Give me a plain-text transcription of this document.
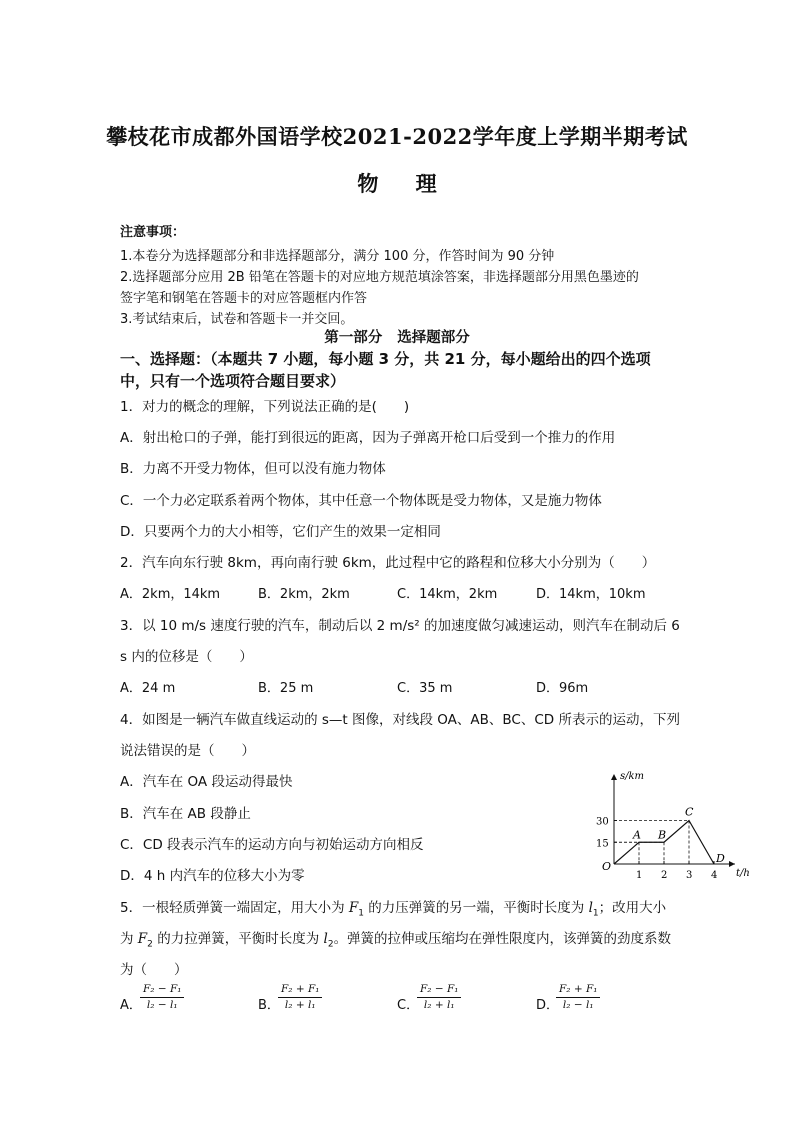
攀枝花市成都外国语学校2021-2022学年度上学期半期考试
物 理
注意事项：
1.本卷分为选择题部分和非选择题部分，满分 100 分，作答时间为 90 分钟
2.选择题部分应用 2B 铅笔在答题卡的对应地方规范填涂答案，非选择题部分用黑色墨迹的
签字笔和钢笔在答题卡的对应答题框内作答
3.考试结束后，试卷和答题卡一并交回。
第一部分 选择题部分
一、选择题：（本题共 7 小题，每小题 3 分，共 21 分，每小题给出的四个选项
中，只有一个选项符合题目要求）
1．对力的概念的理解，下列说法正确的是(　　)
A．射出枪口的子弹，能打到很远的距离，因为子弹离开枪口后受到一个推力的作用
B．力离不开受力物体，但可以没有施力物体
C．一个力必定联系着两个物体，其中任意一个物体既是受力物体，又是施力物体
D．只要两个力的大小相等，它们产生的效果一定相同
2．汽车向东行驶 8km，再向南行驶 6km，此过程中它的路程和位移大小分别为（　　）
A．2km，14km	B．2km，2km	C．14km，2km	D．14km，10km
3．以 10 m/s 速度行驶的汽车，制动后以 2 m/s² 的加速度做匀减速运动，则汽车在制动后 6
s 内的位移是（　　）
A．24 m	B．25 m	C．35 m	D．96m
4．如图是一辆汽车做直线运动的 s—t 图像，对线段 OA、AB、BC、CD 所表示的运动，下列
说法错误的是（　　）
A．汽车在 OA 段运动得最快
B．汽车在 AB 段静止
C．CD 段表示汽车的运动方向与初始运动方向相反
D．4 h 内汽车的位移大小为零
s/km
t/h
O
1 2 3 4
15
30
A B
C
D
5．一根轻质弹簧一端固定，用大小为 $F_1$ 的力压弹簧的另一端，平衡时长度为 $l_1$；改用大小
为 $F_2$ 的力拉弹簧，平衡时长度为 $l_2$。弹簧的拉伸或压缩均在弹性限度内，该弹簧的劲度系数
为（　　）
A．
$\frac{\text{F₂ − F₁}}{\text{l₂ − l₁}}$	B．
$\frac{\text{F₂ + F₁}}{\text{l₂ + l₁}}$	C．
$\frac{\text{F₂ − F₁}}{\text{l₂ + l₁}}$	D．
$\frac{\text{F₂ + F₁}}{\text{l₂ − l₁}}$
